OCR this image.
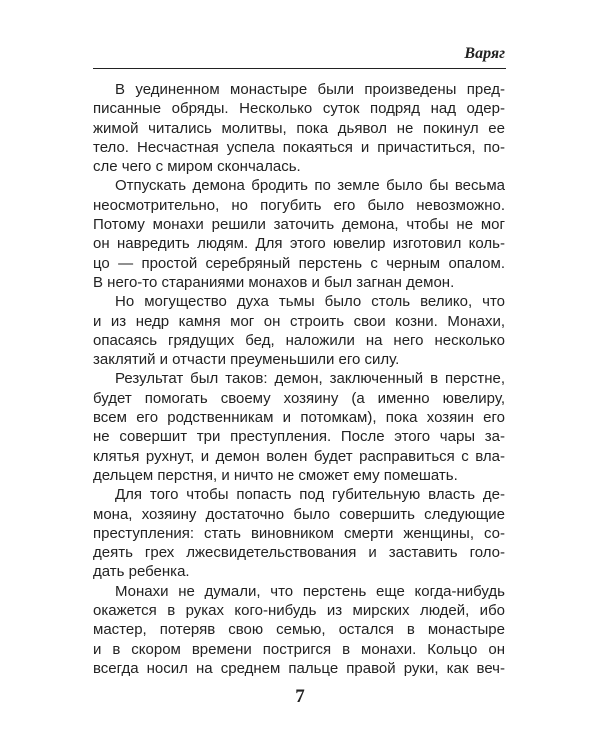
Варяг
В уединенном монастыре были произведены пред-
писанные обряды. Несколько суток подряд над одер-
жимой читались молитвы, пока дьявол не покинул ее
тело. Несчастная успела покаяться и причаститься, по-
сле чего с миром скончалась.
Отпускать демона бродить по земле было бы весьма
неосмотрительно, но погубить его было невозможно.
Потому монахи решили заточить демона, чтобы не мог
он навредить людям. Для этого ювелир изготовил коль-
цо — простой серебряный перстень с черным опалом.
В него-то стараниями монахов и был загнан демон.
Но могущество духа тьмы было столь велико, что
и из недр камня мог он строить свои козни. Монахи,
опасаясь грядущих бед, наложили на него несколько
заклятий и отчасти преуменьшили его силу.
Результат был таков: демон, заключенный в перстне,
будет помогать своему хозяину (а именно ювелиру,
всем его родственникам и потомкам), пока хозяин его
не совершит три преступления. После этого чары за-
клятья рухнут, и демон волен будет расправиться с вла-
дельцем перстня, и ничто не сможет ему помешать.
Для того чтобы попасть под губительную власть де-
мона, хозяину достаточно было совершить следующие
преступления: стать виновником смерти женщины, со-
деять грех лжесвидетельствования и заставить голо-
дать ребенка.
Монахи не думали, что перстень еще когда-нибудь
окажется в руках кого-нибудь из мирских людей, ибо
мастер, потеряв свою семью, остался в монастыре
и в скором времени постригся в монахи. Кольцо он
всегда носил на среднем пальце правой руки, как веч-
7
